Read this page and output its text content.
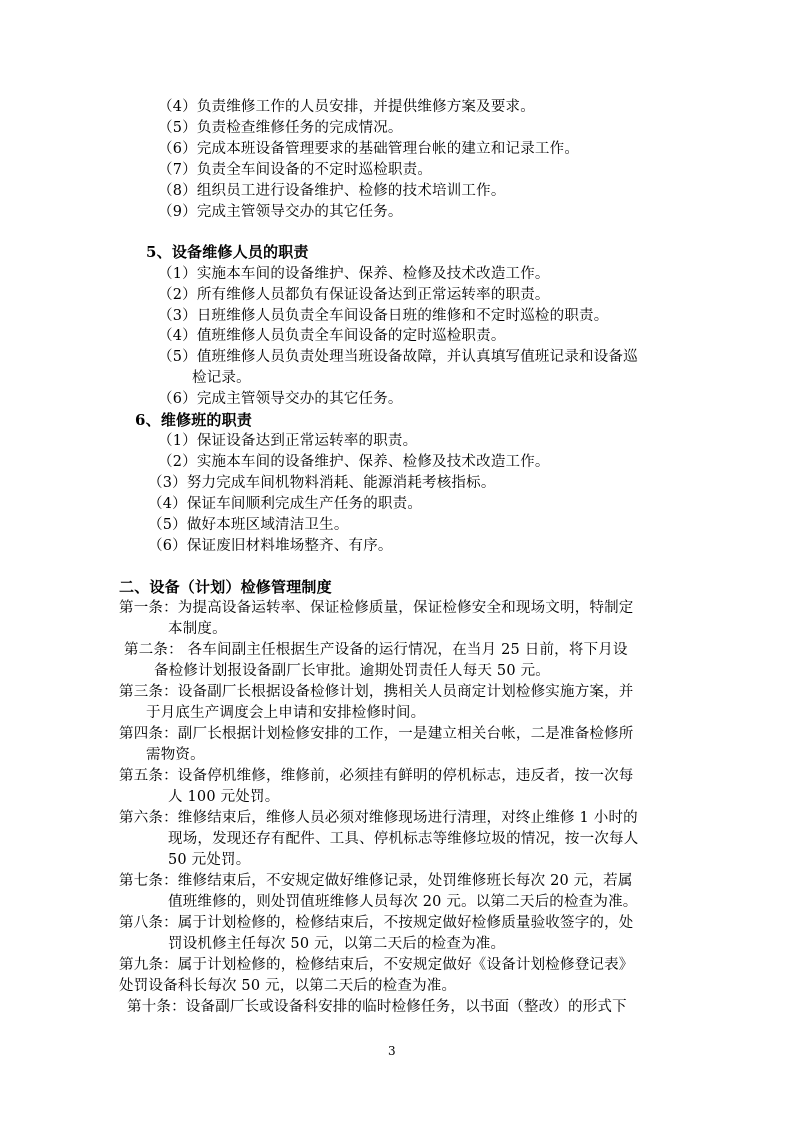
（4）负责维修工作的人员安排，并提供维修方案及要求。
（5）负责检查维修任务的完成情况。
（6）完成本班设备管理要求的基础管理台帐的建立和记录工作。
（7）负责全车间设备的不定时巡检职责。
（8）组织员工进行设备维护、检修的技术培训工作。
（9）完成主管领导交办的其它任务。
5、设备维修人员的职责
（1）实施本车间的设备维护、保养、检修及技术改造工作。
（2）所有维修人员都负有保证设备达到正常运转率的职责。
（3）日班维修人员负责全车间设备日班的维修和不定时巡检的职责。
（4）值班维修人员负责全车间设备的定时巡检职责。
（5）值班维修人员负责处理当班设备故障，并认真填写值班记录和设备巡
检记录。
（6）完成主管领导交办的其它任务。
6、维修班的职责
（1）保证设备达到正常运转率的职责。
（2）实施本车间的设备维护、保养、检修及技术改造工作。
（3）努力完成车间机物料消耗、能源消耗考核指标。
（4）保证车间顺利完成生产任务的职责。
（5）做好本班区域清洁卫生。
（6）保证废旧材料堆场整齐、有序。
二、设备（计划）检修管理制度
第一条：为提高设备运转率、保证检修质量，保证检修安全和现场文明，特制定
本制度。
第二条： 各车间副主任根据生产设备的运行情况，在当月 25 日前，将下月设
备检修计划报设备副厂长审批。逾期处罚责任人每天 50 元。
第三条：设备副厂长根据设备检修计划，携相关人员商定计划检修实施方案，并
于月底生产调度会上申请和安排检修时间。
第四条：副厂长根据计划检修安排的工作，一是建立相关台帐，二是准备检修所
需物资。
第五条：设备停机维修，维修前，必须挂有鲜明的停机标志，违反者，按一次每
人 100 元处罚。
第六条：维修结束后，维修人员必须对维修现场进行清理，对终止维修 1 小时的
现场，发现还存有配件、工具、停机标志等维修垃圾的情况，按一次每人
50 元处罚。
第七条：维修结束后，不安规定做好维修记录，处罚维修班长每次 20 元，若属
值班维修的，则处罚值班维修人员每次 20 元。以第二天后的检查为准。
第八条：属于计划检修的，检修结束后，不按规定做好检修质量验收签字的，处
罚设机修主任每次 50 元，以第二天后的检查为准。
第九条：属于计划检修的，检修结束后，不安规定做好《设备计划检修登记表》
处罚设备科长每次 50 元，以第二天后的检查为准。
第十条：设备副厂长或设备科安排的临时检修任务，以书面（整改）的形式下
3
